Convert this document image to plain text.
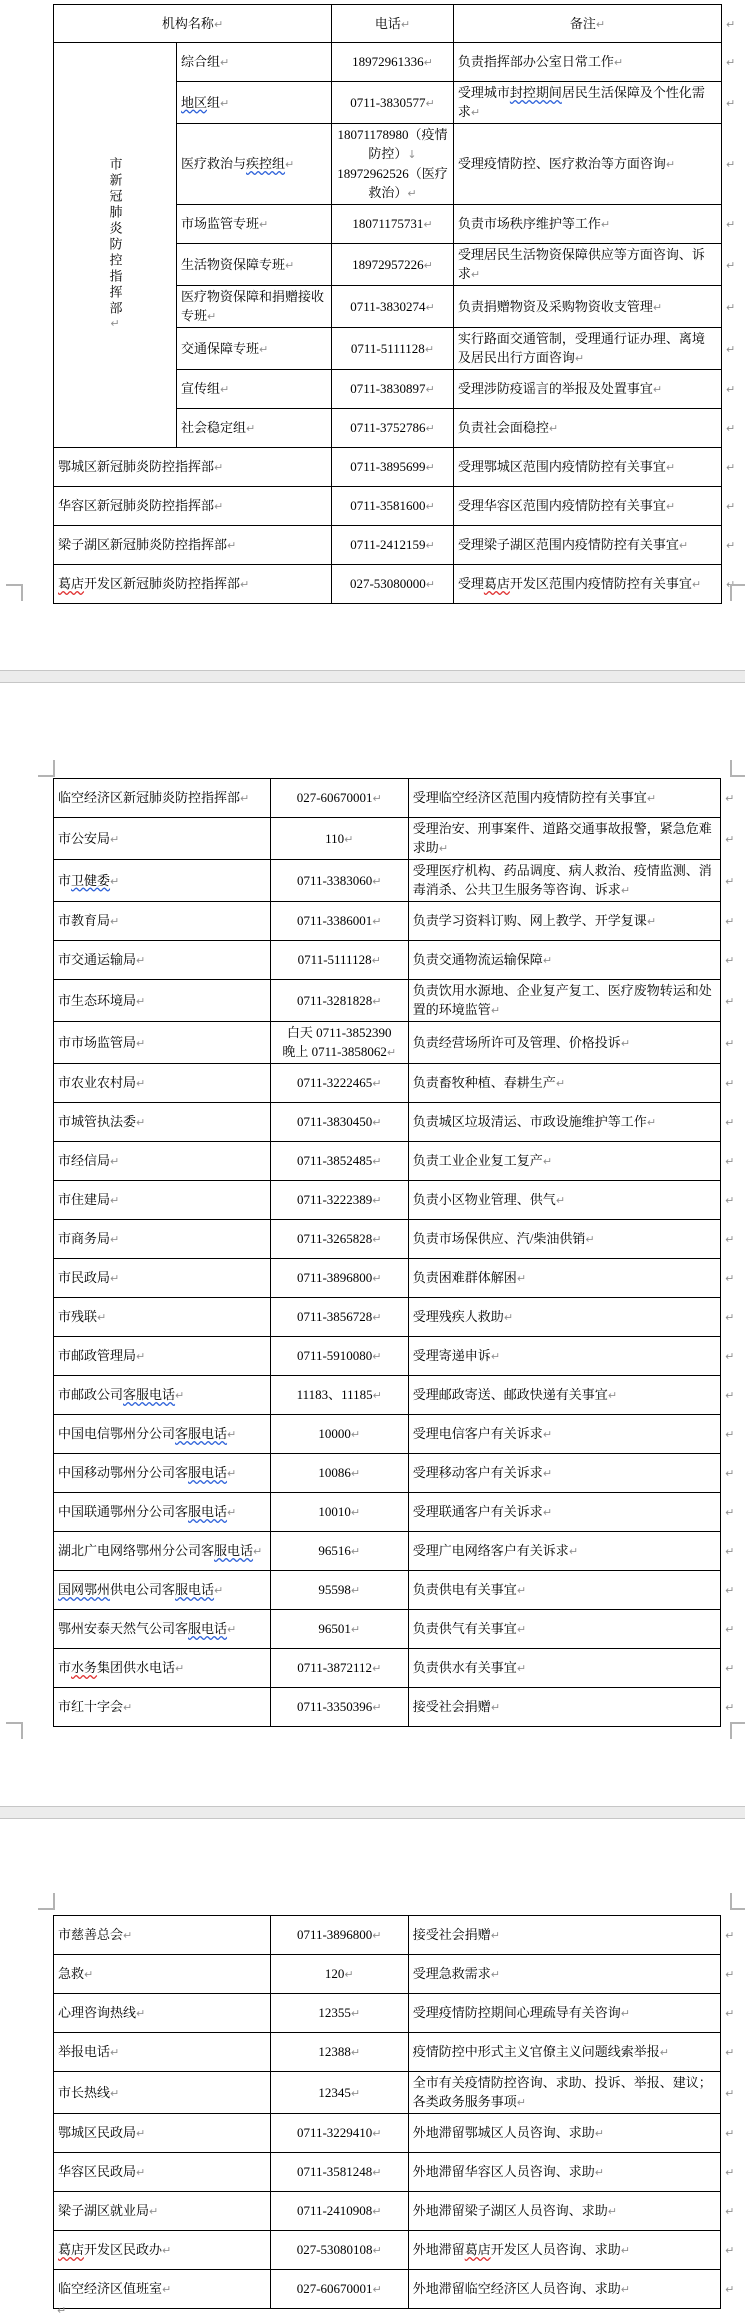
机构名称↵		电话↵	备注↵	↵
市新冠肺炎防控指挥部↵	综合组↵	18972961336↵	负责指挥部办公室日常工作↵	↵
	地区组↵	0711-3830577↵	受理城市封控期间居民生活保障及个性化需求↵	↵
	医疗救治与疾控组↵	18071178980（疫情防控）↓
18972962526（医疗救治）↵	受理疫情防控、医疗救治等方面咨询↵	↵
	市场监管专班↵	18071175731↵	负责市场秩序维护等工作↵	↵
	生活物资保障专班↵	18972957226↵	受理居民生活物资保障供应等方面咨询、诉求↵	↵
	医疗物资保障和捐赠接收专班↵	0711-3830274↵	负责捐赠物资及采购物资收支管理↵	↵
	交通保障专班↵	0711-5111128↵	实行路面交通管制，受理通行证办理、离境及居民出行方面咨询↵	↵
	宣传组↵	0711-3830897↵	受理涉防疫谣言的举报及处置事宜↵	↵
	社会稳定组↵	0711-3752786↵	负责社会面稳控↵	↵
鄂城区新冠肺炎防控指挥部↵		0711-3895699↵	受理鄂城区范围内疫情防控有关事宜↵	↵
华容区新冠肺炎防控指挥部↵		0711-3581600↵	受理华容区范围内疫情防控有关事宜↵	↵
梁子湖区新冠肺炎防控指挥部↵		0711-2412159↵	受理梁子湖区范围内疫情防控有关事宜↵	↵
葛店开发区新冠肺炎防控指挥部↵		027-53080000↵	受理葛店开发区范围内疫情防控有关事宜↵	↵
临空经济区新冠肺炎防控指挥部↵	027-60670001↵	受理临空经济区范围内疫情防控有关事宜↵	↵
市公安局↵	110↵	受理治安、刑事案件、道路交通事故报警，紧急危难求助↵	↵
市卫健委↵	0711-3383060↵	受理医疗机构、药品调度、病人救治、疫情监测、消毒消杀、公共卫生服务等咨询、诉求↵	↵
市教育局↵	0711-3386001↵	负责学习资料订购、网上教学、开学复课↵	↵
市交通运输局↵	0711-5111128↵	负责交通物流运输保障↵	↵
市生态环境局↵	0711-3281828↵	负责饮用水源地、企业复产复工、医疗废物转运和处置的环境监管↵	↵
市市场监管局↵	白天 0711-3852390
晚上 0711-3858062↵	负责经营场所许可及管理、价格投诉↵	↵
市农业农村局↵	0711-3222465↵	负责畜牧种植、春耕生产↵	↵
市城管执法委↵	0711-3830450↵	负责城区垃圾清运、市政设施维护等工作↵	↵
市经信局↵	0711-3852485↵	负责工业企业复工复产↵	↵
市住建局↵	0711-3222389↵	负责小区物业管理、供气↵	↵
市商务局↵	0711-3265828↵	负责市场保供应、汽/柴油供销↵	↵
市民政局↵	0711-3896800↵	负责困难群体解困↵	↵
市残联↵	0711-3856728↵	受理残疾人救助↵	↵
市邮政管理局↵	0711-5910080↵	受理寄递申诉↵	↵
市邮政公司客服电话↵	11183、11185↵	受理邮政寄送、邮政快递有关事宜↵	↵
中国电信鄂州分公司客服电话↵	10000↵	受理电信客户有关诉求↵	↵
中国移动鄂州分公司客服电话↵	10086↵	受理移动客户有关诉求↵	↵
中国联通鄂州分公司客服电话↵	10010↵	受理联通客户有关诉求↵	↵
湖北广电网络鄂州分公司客服电话↵	96516↵	受理广电网络客户有关诉求↵	↵
国网鄂州供电公司客服电话↵	95598↵	负责供电有关事宜↵	↵
鄂州安泰天然气公司客服电话↵	96501↵	负责供气有关事宜↵	↵
市水务集团供水电话↵	0711-3872112↵	负责供水有关事宜↵	↵
市红十字会↵	0711-3350396↵	接受社会捐赠↵	↵
市慈善总会↵	0711-3896800↵	接受社会捐赠↵	↵
急救↵	120↵	受理急救需求↵	↵
心理咨询热线↵	12355↵	受理疫情防控期间心理疏导有关咨询↵	↵
举报电话↵	12388↵	疫情防控中形式主义官僚主义问题线索举报↵	↵
市长热线↵	12345↵	全市有关疫情防控咨询、求助、投诉、举报、建议；各类政务服务事项↵	↵
鄂城区民政局↵	0711-3229410↵	外地滞留鄂城区人员咨询、求助↵	↵
华容区民政局↵	0711-3581248↵	外地滞留华容区人员咨询、求助↵	↵
梁子湖区就业局↵	0711-2410908↵	外地滞留梁子湖区人员咨询、求助↵	↵
葛店开发区民政办↵	027-53080108↵	外地滞留葛店开发区人员咨询、求助↵	↵
临空经济区值班室↵	027-60670001↵	外地滞留临空经济区人员咨询、求助↵	↵
↵
